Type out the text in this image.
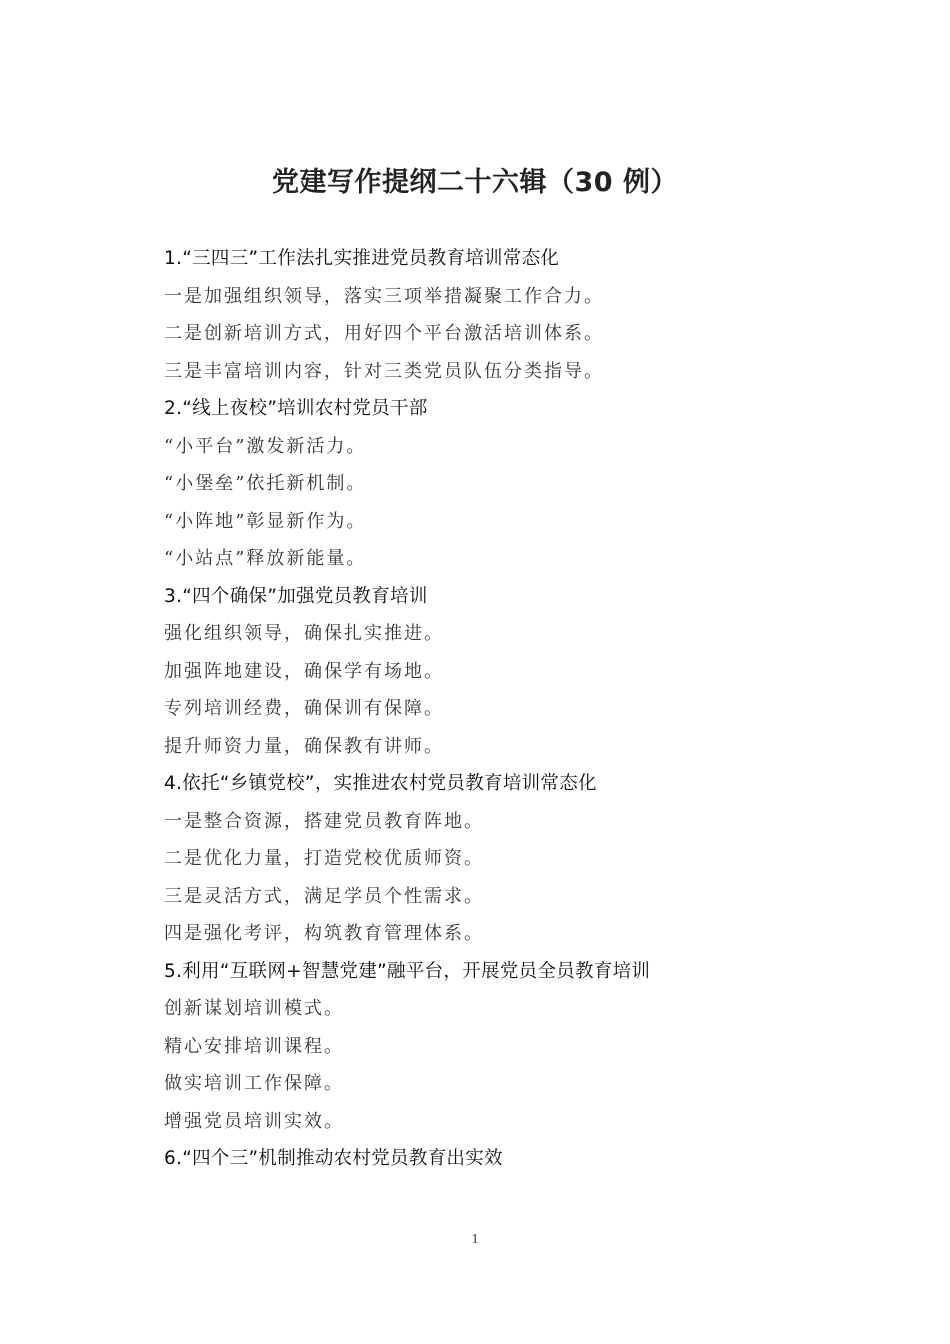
党建写作提纲二十六辑（30 例）
1.“三四三”工作法扎实推进党员教育培训常态化
一是加强组织领导，落实三项举措凝聚工作合力。
二是创新培训方式，用好四个平台激活培训体系。
三是丰富培训内容，针对三类党员队伍分类指导。
2.“线上夜校”培训农村党员干部
“小平台”激发新活力。
“小堡垒”依托新机制。
“小阵地”彰显新作为。
“小站点”释放新能量。
3.“四个确保”加强党员教育培训
强化组织领导，确保扎实推进。
加强阵地建设，确保学有场地。
专列培训经费，确保训有保障。
提升师资力量，确保教有讲师。
4.依托“乡镇党校”，实推进农村党员教育培训常态化
一是整合资源，搭建党员教育阵地。
二是优化力量，打造党校优质师资。
三是灵活方式，满足学员个性需求。
四是强化考评，构筑教育管理体系。
5.利用“互联网+智慧党建”融平台，开展党员全员教育培训
创新谋划培训模式。
精心安排培训课程。
做实培训工作保障。
增强党员培训实效。
6.“四个三”机制推动农村党员教育出实效
1
